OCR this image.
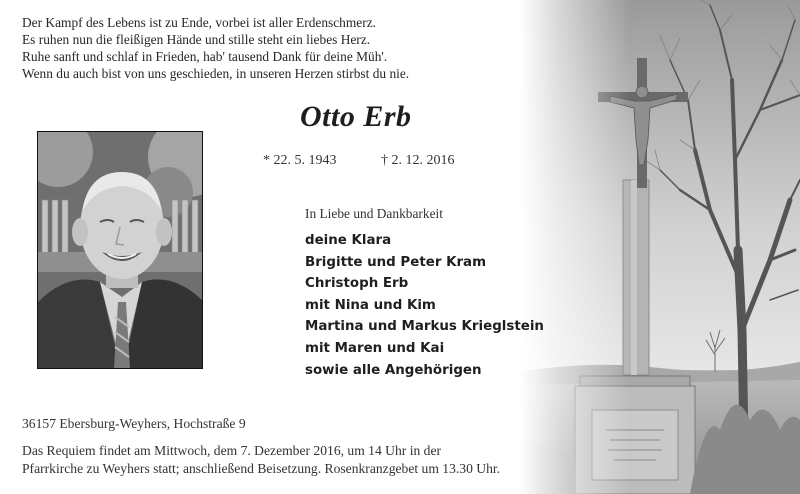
Der Kampf des Lebens ist zu Ende, vorbei ist aller Erdenschmerz.
Es ruhen nun die fleißigen Hände und stille steht ein liebes Herz.
Ruhe sanft und schlaf in Frieden, hab' tausend Dank für deine Müh'.
Wenn du auch bist von uns geschieden, in unseren Herzen stirbst du nie.
Otto Erb
* 22. 5. 1943	† 2. 12. 2016
In Liebe und Dankbarkeit
deine Klara
Brigitte und Peter Kram
Christoph Erb
mit Nina und Kim
Martina und Markus Krieglstein
mit Maren und Kai
sowie alle Angehörigen
36157 Ebersburg-Weyhers, Hochstraße 9
Das Requiem findet am Mittwoch, dem 7. Dezember 2016, um 14 Uhr in der
Pfarrkirche zu Weyhers statt; anschließend Beisetzung. Rosenkranzgebet um 13.30 Uhr.
